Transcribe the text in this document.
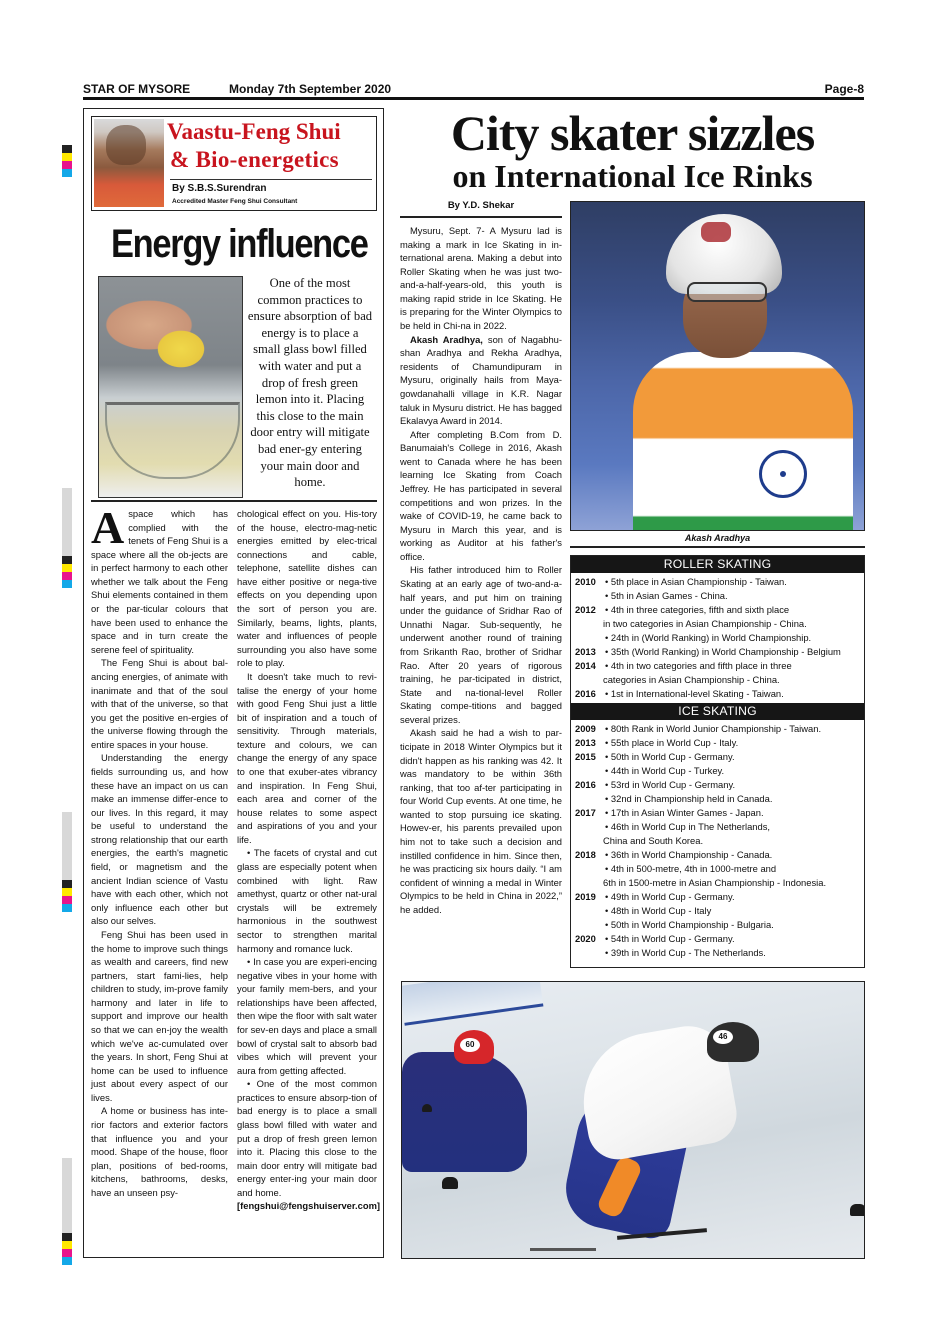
STAR OF MYSORE	Monday 7th September 2020	Page-8
Vaastu-Feng Shui
& Bio-energetics
By S.B.S.Surendran
Accredited Master Feng Shui Consultant
Energy influence
One of the most common practices to ensure absorption of bad energy is to place a small glass bowl filled with water and put a drop of fresh green lemon into it. Placing this close to the main door entry will mitigate bad ener-gy entering your main door and home.

Aspace which has complied with the tenets of Feng Shui is a space where all the ob-jects are in perfect harmony to each other whether we talk about the Feng Shui elements contained in them or the par-ticular colours that have been used to enhance the space and in turn create the serene feel of spirituality.

The Feng Shui is about bal-ancing energies, of animate with inanimate and that of the soul with that of the universe, so that you get the positive en-ergies of the universe flowing through the entire spaces in your house.

Understanding the energy fields surrounding us, and how these have an impact on us can make an immense differ-ence to our lives. In this regard, it may be useful to understand the strong relationship that our earth energies, the earth's magnetic field, or magnetism and the ancient Indian science of Vastu have with each other, which not only influence each other but also our selves.

Feng Shui has been used in the home to improve such things as wealth and careers, find new partners, start fami-lies, help children to study, im-prove family harmony and later in life to support and improve our health so that we can en-joy the wealth which we've ac-cumulated over the years. In short, Feng Shui at home can be used to influence just about every aspect of our lives.

A home or business has inte-rior factors and exterior factors that influence you and your mood. Shape of the house, floor plan, positions of bed-rooms, kitchens, bathrooms, desks, have an unseen psy-

chological effect on you. His-tory of the house, electro-mag-netic energies emitted by elec-trical connections and cable, telephone, satellite dishes can have either positive or nega-tive effects on you depending upon the sort of person you are. Similarly, beams, lights, plants, water and influences of people surrounding you also have some role to play.

It doesn't take much to revi-talise the energy of your home with good Feng Shui just a little bit of inspiration and a touch of sensitivity. Through materials, texture and colours, we can change the energy of any space to one that exuber-ates vibrancy and inspiration. In Feng Shui, each area and corner of the house relates to some aspect and aspirations of you and your life.

• The facets of crystal and cut glass are especially potent when combined with light. Raw amethyst, quartz or other nat-ural crystals will be extremely harmonious in the southwest sector to strengthen marital harmony and romance luck.

• In case you are experi-encing negative vibes in your home with your family mem-bers, and your relationships have been affected, then wipe the floor with salt water for sev-en days and place a small bowl of crystal salt to absorb bad vibes which will prevent your aura from getting affected.

• One of the most common practices to ensure absorp-tion of bad energy is to place a small glass bowl filled with water and put a drop of fresh green lemon into it. Placing this close to the main door entry will mitigate bad energy enter-ing your main door and home.

[fengshui@fengshuiserver.com]

City skater sizzles
on International Ice Rinks
By Y.D. Shekar

Mysuru, Sept. 7- A Mysuru lad is making a mark in Ice Skating in in-ternational arena. Making a debut into Roller Skating when he was just two-and-a-half-years-old, this youth is making rapid stride in Ice Skating. He is preparing for the Winter Olympics to be held in Chi-na in 2022.

Akash Aradhya, son of Nagabhu- shan Aradhya and Rekha Aradhya, residents of Chamundipuram in Mysuru, originally hails from Maya-gowdanahalli village in K.R. Nagar taluk in Mysuru district. He has bagged Ekalavya Award in 2014.

After completing B.Com from D. Banumaiah's College in 2016, Akash went to Canada where he has been learning Ice Skating from Coach Jeffrey. He has participated in several competitions and won prizes. In the wake of COVID-19, he came back to Mysuru in March this year, and is working as Auditor at his father's office.

His father introduced him to Roller Skating at an early age of two-and-a-half years, and put him on training under the guidance of Sridhar Rao of Unnathi Nagar. Sub-sequently, he underwent another round of training from Srikanth Rao, brother of Sridhar Rao. After 20 years of rigorous training, he par-ticipated in district, State and na-tional-level Roller Skating compe-titions and bagged several prizes.

Akash said he had a wish to par-ticipate in 2018 Winter Olympics but it didn't happen as his ranking was 42. It was mandatory to be within 36th ranking, that too af-ter participating in four World Cup events. At one time, he wanted to stop pursuing ice skating. Howev-er, his parents prevailed upon him not to take such a decision and instilled confidence in him. Since then, he was practicing six hours daily. “I am confident of winning a medal in Winter Olympics to be held in China in 2022,” he added.

Akash Aradhya
ROLLER SKATING
2010 • 5th place in Asian Championship - Taiwan.
• 5th in Asian Games - China.
2012 • 4th in three categories, fifth and sixth place
in two categories in Asian Championship - China.
• 24th in (World Ranking) in World Championship.
2013 • 35th (World Ranking) in World Championship - Belgium
2014 • 4th in two categories and fifth place in three
categories in Asian Championship - China.
2016 • 1st in International-level Skating - Taiwan.
ICE SKATING
2009 • 80th Rank in World Junior Championship - Taiwan.
2013 • 55th place in World Cup - Italy.
2015 • 50th in World Cup - Germany.
• 44th in World Cup - Turkey.
2016 • 53rd in World Cup - Germany.
• 32nd in Championship held in Canada.
2017 • 17th in Asian Winter Games - Japan.
• 46th in World Cup in The Netherlands,
China and South Korea.
2018 • 36th in World Championship - Canada.
• 4th in 500-metre, 4th in 1000-metre and
6th in 1500-metre in Asian Championship - Indonesia.
2019 • 49th in World Cup - Germany.
• 48th in World Cup - Italy
• 50th in World Championship - Bulgaria.
2020 • 54th in World Cup - Germany.
• 39th in World Cup - The Netherlands.
60
46
